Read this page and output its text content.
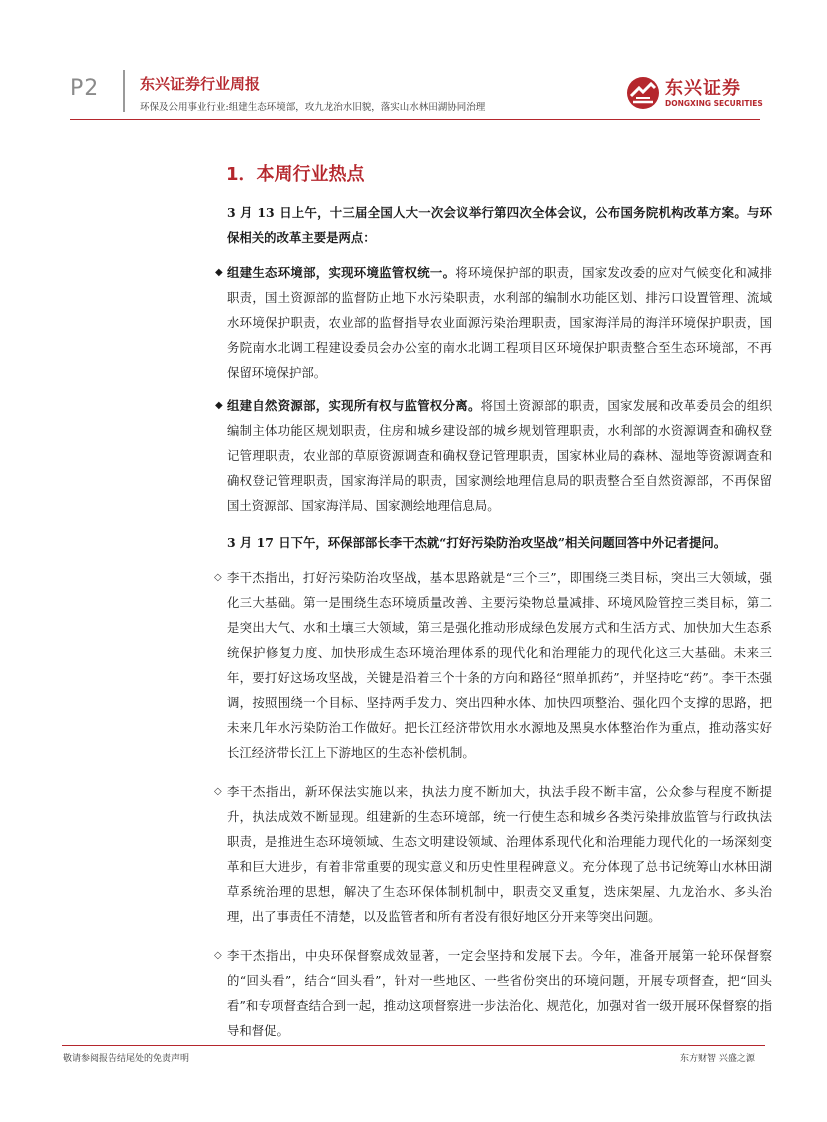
P2	东兴证券行业周报
环保及公用事业行业:组建生态环境部，攻九龙治水旧貌，落实山水林田湖协同治理
东兴证券
DONGXING SECURITIES
1．本周行业热点
3 月 13 日上午，十三届全国人大一次会议举行第四次全体会议，公布国务院机构改革方案。与环保相关的改革主要是两点：
◆ 组建生态环境部，实现环境监管权统一。将环境保护部的职责，国家发改委的应对气候变化和减排职责，国土资源部的监督防止地下水污染职责，水利部的编制水功能区划、排污口设置管理、流域水环境保护职责，农业部的监督指导农业面源污染治理职责，国家海洋局的海洋环境保护职责，国务院南水北调工程建设委员会办公室的南水北调工程项目区环境保护职责整合至生态环境部，不再保留环境保护部。
◆ 组建自然资源部，实现所有权与监管权分离。将国土资源部的职责，国家发展和改革委员会的组织编制主体功能区规划职责，住房和城乡建设部的城乡规划管理职责，水利部的水资源调查和确权登记管理职责，农业部的草原资源调查和确权登记管理职责，国家林业局的森林、湿地等资源调查和确权登记管理职责，国家海洋局的职责，国家测绘地理信息局的职责整合至自然资源部，不再保留国土资源部、国家海洋局、国家测绘地理信息局。
3 月 17 日下午，环保部部长李干杰就“打好污染防治攻坚战”相关问题回答中外记者提问。
◇ 李干杰指出，打好污染防治攻坚战，基本思路就是“三个三”，即围绕三类目标，突出三大领域，强化三大基础。第一是围绕生态环境质量改善、主要污染物总量减排、环境风险管控三类目标，第二是突出大气、水和土壤三大领域，第三是强化推动形成绿色发展方式和生活方式、加快加大生态系统保护修复力度、加快形成生态环境治理体系的现代化和治理能力的现代化这三大基础。未来三年，要打好这场攻坚战，关键是沿着三个十条的方向和路径“照单抓药”，并坚持吃“药”。李干杰强调，按照围绕一个目标、坚持两手发力、突出四种水体、加快四项整治、强化四个支撑的思路，把未来几年水污染防治工作做好。把长江经济带饮用水水源地及黑臭水体整治作为重点，推动落实好长江经济带长江上下游地区的生态补偿机制。
◇ 李干杰指出，新环保法实施以来，执法力度不断加大，执法手段不断丰富，公众参与程度不断提升，执法成效不断显现。组建新的生态环境部，统一行使生态和城乡各类污染排放监管与行政执法职责，是推进生态环境领域、生态文明建设领域、治理体系现代化和治理能力现代化的一场深刻变革和巨大进步，有着非常重要的现实意义和历史性里程碑意义。充分体现了总书记统筹山水林田湖草系统治理的思想，解决了生态环保体制机制中，职责交叉重复，迭床架屋、九龙治水、多头治理，出了事责任不清楚，以及监管者和所有者没有很好地区分开来等突出问题。
◇ 李干杰指出，中央环保督察成效显著，一定会坚持和发展下去。今年，准备开展第一轮环保督察的“回头看”，结合“回头看”，针对一些地区、一些省份突出的环境问题，开展专项督查，把“回头看”和专项督查结合到一起，推动这项督察进一步法治化、规范化，加强对省一级开展环保督察的指导和督促。
敬请参阅报告结尾处的免责声明	东方财智 兴盛之源
